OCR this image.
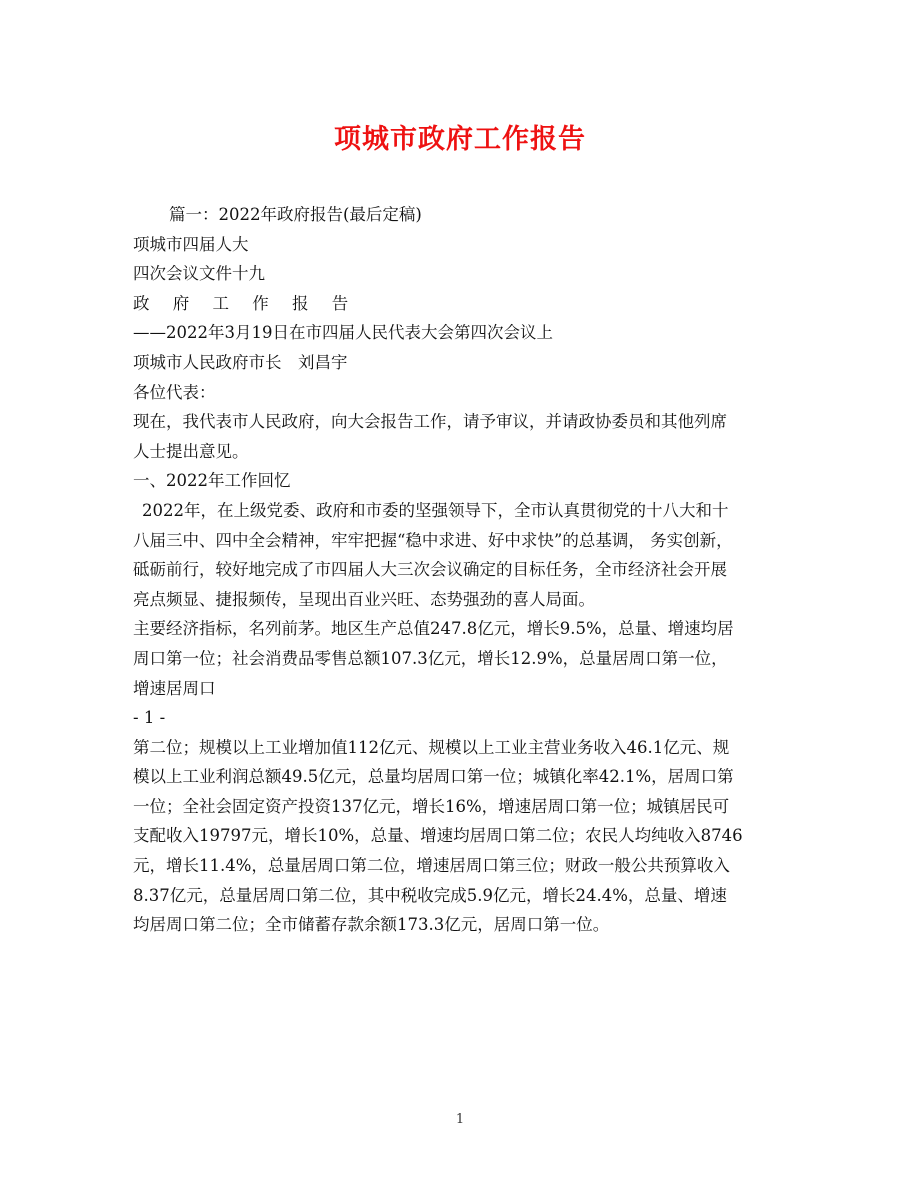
项城市政府工作报告
篇一：2022年政府报告(最后定稿)
项城市四届人大
四次会议文件十九
政 府 工 作 报 告
——2022年3月19日在市四届人民代表大会第四次会议上
项城市人民政府市长　刘昌宇
各位代表：
现在，我代表市人民政府，向大会报告工作，请予审议，并请政协委员和其他列席
人士提出意见。
一、2022年工作回忆
2022年，在上级党委、政府和市委的坚强领导下，全市认真贯彻党的十八大和十
八届三中、四中全会精神，牢牢把握“稳中求进、好中求快”的总基调， 务实创新，
砥砺前行，较好地完成了市四届人大三次会议确定的目标任务，全市经济社会开展
亮点频显、捷报频传，呈现出百业兴旺、态势强劲的喜人局面。
主要经济指标，名列前茅。地区生产总值247.8亿元，增长9.5%，总量、增速均居
周口第一位；社会消费品零售总额107.3亿元，增长12.9%，总量居周口第一位，
增速居周口
- 1 -
第二位；规模以上工业增加值112亿元、规模以上工业主营业务收入46.1亿元、规
模以上工业利润总额49.5亿元，总量均居周口第一位；城镇化率42.1%，居周口第
一位；全社会固定资产投资137亿元，增长16%，增速居周口第一位；城镇居民可
支配收入19797元，增长10%，总量、增速均居周口第二位；农民人均纯收入8746
元，增长11.4%，总量居周口第二位，增速居周口第三位；财政一般公共预算收入
8.37亿元，总量居周口第二位，其中税收完成5.9亿元，增长24.4%，总量、增速
均居周口第二位；全市储蓄存款余额173.3亿元，居周口第一位。
1
